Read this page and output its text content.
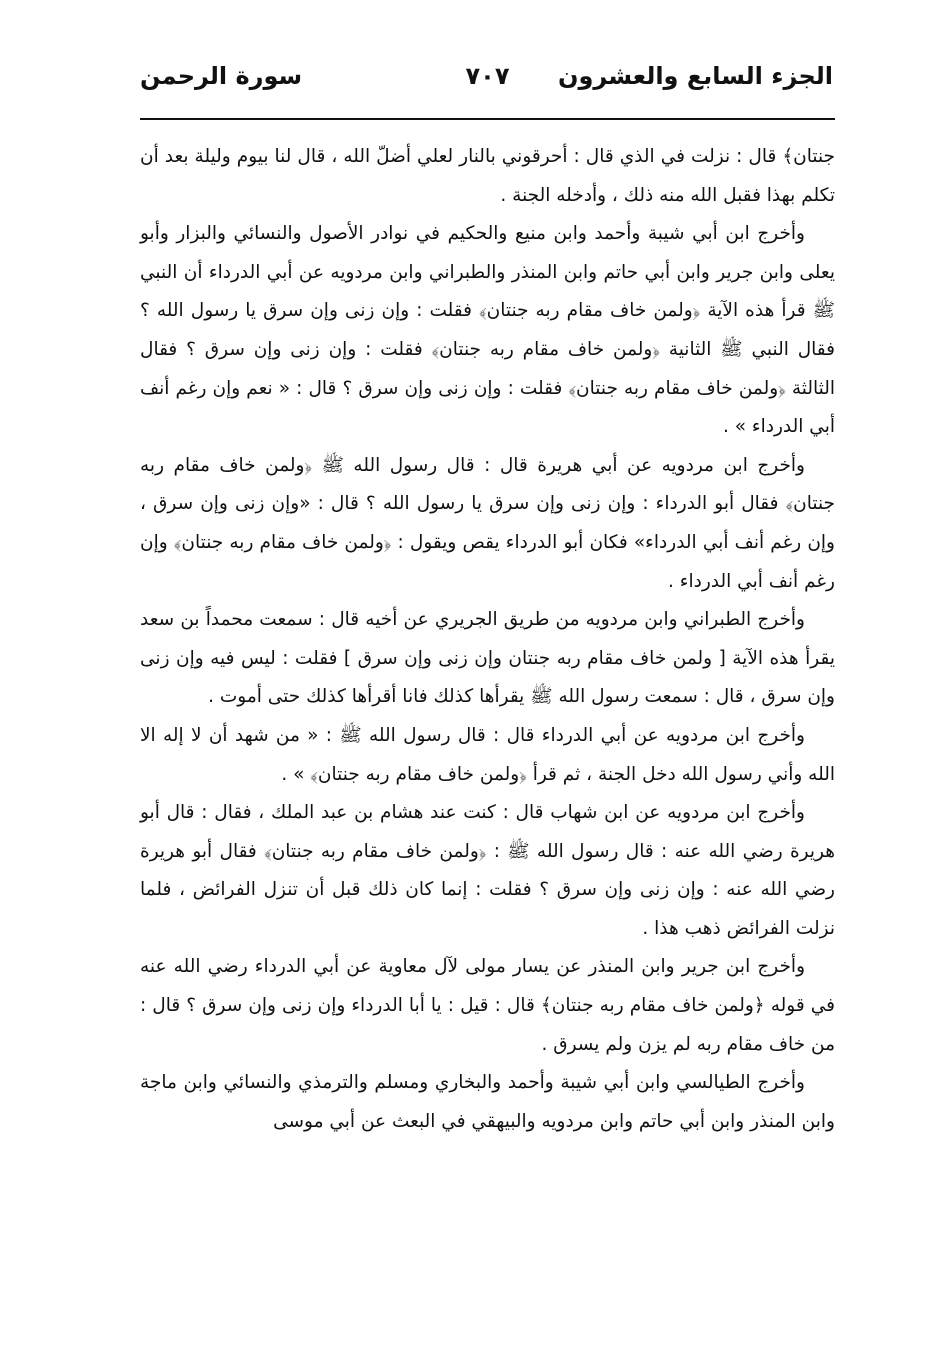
الجزء السابع والعشرون
٧٠٧
سورة الرحمن

جنتان﴾ قال : نزلت في الذي قال : أحرقوني بالنار لعلي أضلّ الله ، قال لنا بيوم وليلة بعد أن تكلم بهذا فقبل الله منه ذلك ، وأدخله الجنة .

وأخرج ابن أبي شيبة وأحمد وابن منيع والحكيم في نوادر الأصول والنسائي والبزار وأبو يعلى وابن جرير وابن أبي حاتم وابن المنذر والطبراني وابن مردويه عن أبي الدرداء أن النبي ﷺ قرأ هذه الآية ﴿ولمن خاف مقام ربه جنتان﴾ فقلت : وإن زنى وإن سرق يا رسول الله ؟ فقال النبي ﷺ الثانية ﴿ولمن خاف مقام ربه جنتان﴾ فقلت : وإن زنى وإن سرق ؟ فقال الثالثة ﴿ولمن خاف مقام ربه جنتان﴾ فقلت : وإن زنى وإن سرق ؟ قال : « نعم وإن رغم أنف أبي الدرداء » .

وأخرج ابن مردويه عن أبي هريرة قال : قال رسول الله ﷺ ﴿ولمن خاف مقام ربه جنتان﴾ فقال أبو الدرداء : وإن زنى وإن سرق يا رسول الله ؟ قال : «وإن زنى وإن سرق ، وإن رغم أنف أبي الدرداء» فكان أبو الدرداء يقص ويقول : ﴿ولمن خاف مقام ربه جنتان﴾ وإن رغم أنف أبي الدرداء .

وأخرج الطبراني وابن مردويه من طريق الجريري عن أخيه قال : سمعت محمداً بن سعد يقرأ هذه الآية [ ولمن خاف مقام ربه جنتان وإن زنى وإن سرق ] فقلت : ليس فيه وإن زنى وإن سرق ، قال : سمعت رسول الله ﷺ يقرأها كذلك فانا أقرأها كذلك حتى أموت .

وأخرج ابن مردويه عن أبي الدرداء قال : قال رسول الله ﷺ : « من شهد أن لا إله الا الله وأني رسول الله دخل الجنة ، ثم قرأ ﴿ولمن خاف مقام ربه جنتان﴾ » .

وأخرج ابن مردويه عن ابن شهاب قال : كنت عند هشام بن عبد الملك ، فقال : قال أبو هريرة رضي الله عنه : قال رسول الله ﷺ : ﴿ولمن خاف مقام ربه جنتان﴾ فقال أبو هريرة رضي الله عنه : وإن زنى وإن سرق ؟ فقلت : إنما كان ذلك قبل أن تنزل الفرائض ، فلما نزلت الفرائض ذهب هذا .

وأخرج ابن جرير وابن المنذر عن يسار مولى لآل معاوية عن أبي الدرداء رضي الله عنه في قوله ﴿ولمن خاف مقام ربه جنتان﴾ قال : قيل : يا أبا الدرداء وإن زنى وإن سرق ؟ قال : من خاف مقام ربه لم يزن ولم يسرق .

وأخرج الطيالسي وابن أبي شيبة وأحمد والبخاري ومسلم والترمذي والنسائي وابن ماجة وابن المنذر وابن أبي حاتم وابن مردويه والبيهقي في البعث عن أبي موسى
